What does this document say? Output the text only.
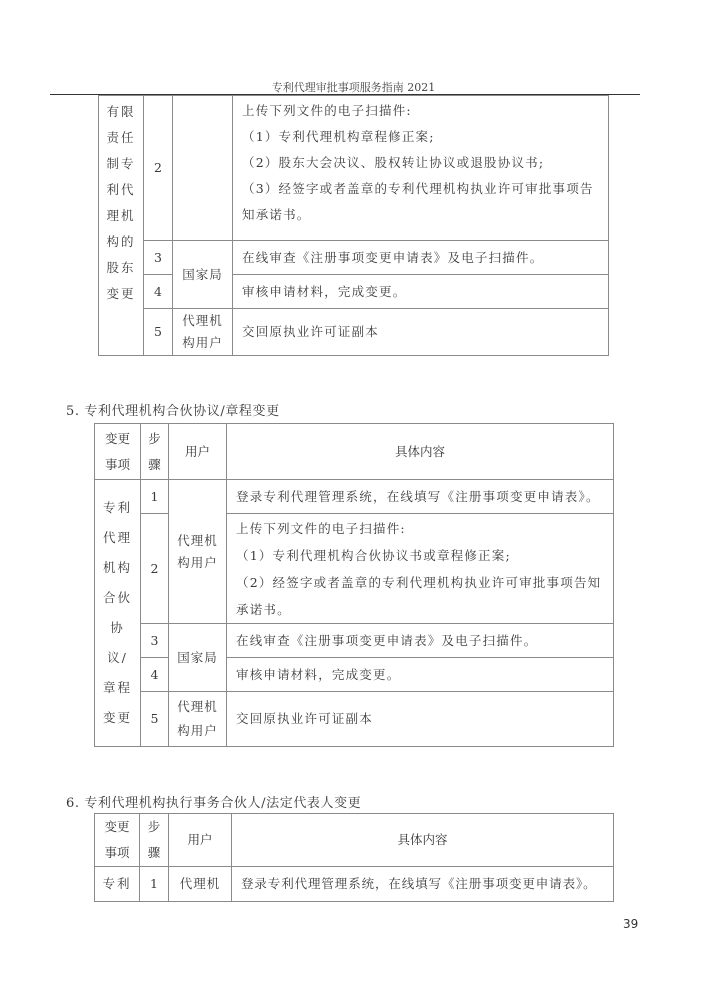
专利代理审批事项服务指南 2021
有限责任制专利代理机构的股东变更	2		上传下列文件的电子扫描件:
（1）专利代理机构章程修正案;
（2）股东大会决议、股权转让协议或退股协议书;
（3）经签字或者盖章的专利代理机构执业许可审批事项告知承诺书。

	3	国家局	在线审查《注册事项变更申请表》及电子扫描件。
	4		审核申请材料，完成变更。
	5	代理机构用户	交回原执业许可证副本
5. 专利代理机构合伙协议/章程变更
变更事项	步骤	用户	具体内容

专利代理机构合伙协议/章程变更	1	代理机构用户	登录专利代理管理系统，在线填写《注册事项变更申请表》。
	2		上传下列文件的电子扫描件:
（1）专利代理机构合伙协议书或章程修正案;
（2）经签字或者盖章的专利代理机构执业许可审批事项告知承诺书。

	3	国家局	在线审查《注册事项变更申请表》及电子扫描件。
	4		审核申请材料，完成变更。
	5	代理机构用户	交回原执业许可证副本
6. 专利代理机构执行事务合伙人/法定代表人变更
变更事项	步骤	用户	具体内容
专利	1	代理机	登录专利代理管理系统，在线填写《注册事项变更申请表》。
39
